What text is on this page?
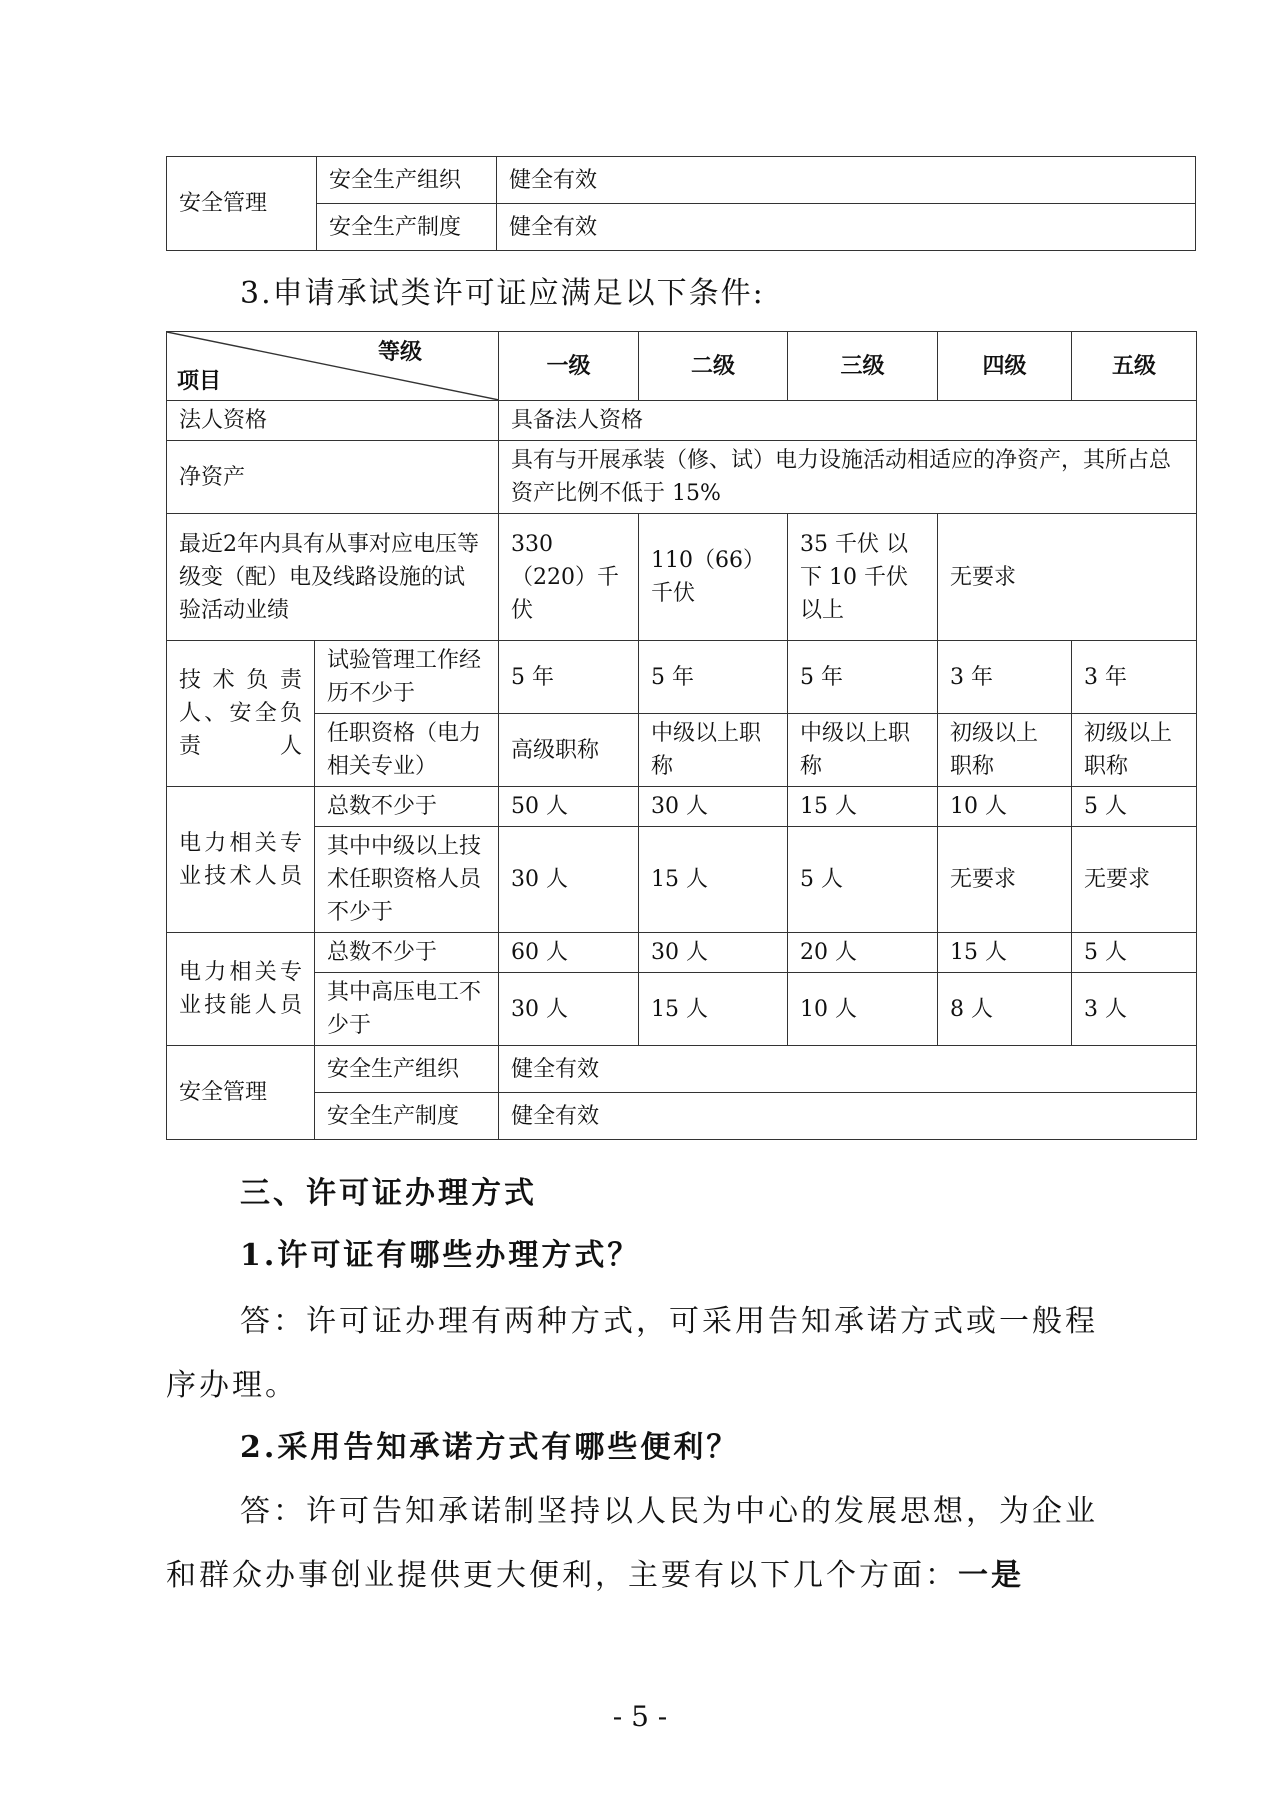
安全管理	安全生产组织	健全有效
	安全生产制度	健全有效
3.申请承试类许可证应满足以下条件:
等级
项目		一级	二级	三级	四级	五级
法人资格		具备法人资格				
净资产		具有与开展承装（修、试）电力设施活动相适应的净资产，其所占总资产比例不低于 15%				
最近2年内具有从事对应电压等级变（配）电及线路设施的试验活动业绩		330（220）千伏	110（66）千伏	35 千伏 以下 10 千伏以上	无要求	
技术负责人、安全负责人	试验管理工作经历不少于	5 年	5 年	5 年	3 年	3 年
	任职资格（电力相关专业）	高级职称	中级以上职称	中级以上职称	初级以上职称	初级以上职称
电力相关专业技术人员	总数不少于	50 人	30 人	15 人	10 人	5 人
	其中中级以上技术任职资格人员不少于	30 人	15 人	5 人	无要求	无要求
电力相关专业技能人员	总数不少于	60 人	30 人	20 人	15 人	5 人
	其中高压电工不少于	30 人	15 人	10 人	8 人	3 人
安全管理	安全生产组织	健全有效				
	安全生产制度	健全有效				
三、许可证办理方式
1.许可证有哪些办理方式？
答：许可证办理有两种方式，可采用告知承诺方式或一般程序办理。
2.采用告知承诺方式有哪些便利？
答：许可告知承诺制坚持以人民为中心的发展思想，为企业和群众办事创业提供更大便利，主要有以下几个方面：一是
- 5 -
